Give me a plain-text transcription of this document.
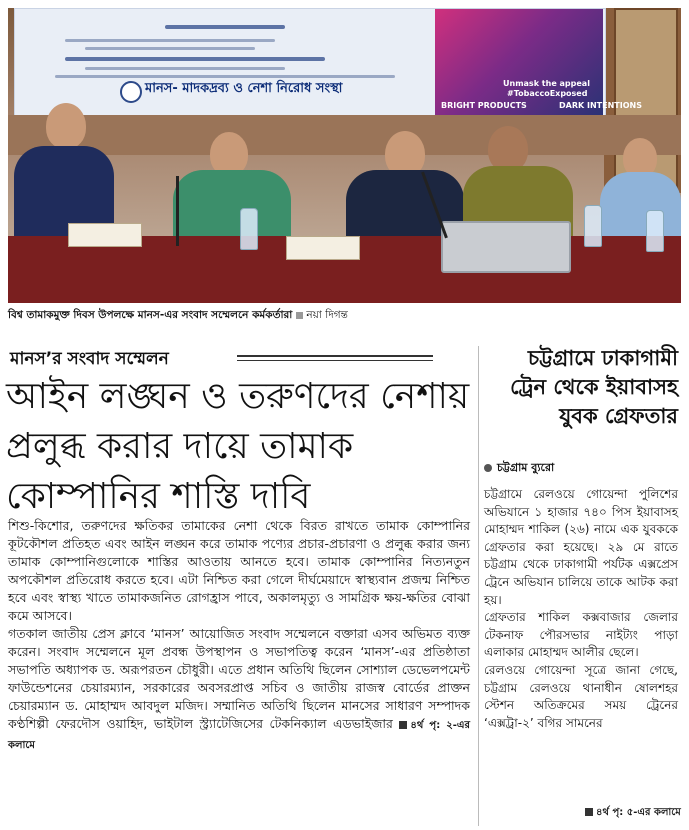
মানস- মাদকদ্রব্য ও নেশা নিরোধ সংস্থা	Unmask the appeal
#TobaccoExposed
BRIGHT PRODUCTS	DARK INTENTIONS
বিশ্ব তামাকমুক্ত দিবস উপলক্ষে মানস-এর সংবাদ সম্মেলনে কর্মকর্তারা নয়া দিগন্ত
মানস’র সংবাদ সম্মেলন
আইন লঙ্ঘন ও তরুণদের নেশায়
প্রলুব্ধ করার দায়ে তামাক
কোম্পানির শাস্তি দাবি

শিশু-কিশোর, তরুণদের ক্ষতিকর তামাকের নেশা থেকে বিরত রাখতে তামাক কোম্পানির কূটকৌশল প্রতিহত এবং আইন লঙ্ঘন করে তামাক পণ্যের প্রচার-প্রচারণা ও প্রলুব্ধ করার জন্য তামাক কোম্পানিগুলোকে শাস্তির আওতায় আনতে হবে। তামাক কোম্পানির নিত্যনতুন অপকৌশল প্রতিরোধ করতে হবে। এটা নিশ্চিত করা গেলে দীর্ঘমেয়াদে স্বাস্থ্যবান প্রজন্ম নিশ্চিত হবে এবং স্বাস্থ্য খাতে তামাকজনিত রোগহ্রাস পাবে, অকালমৃত্যু ও সামগ্রিক ক্ষয়-ক্ষতির বোঝা কমে আসবে।

গতকাল জাতীয় প্রেস ক্লাবে ‘মানস’ আয়োজিত সংবাদ সম্মেলনে বক্তারা এসব অভিমত ব্যক্ত করেন। সংবাদ সম্মেলনে মূল প্রবন্ধ উপস্থাপন ও সভাপতিত্ব করেন ‘মানস’-এর প্রতিষ্ঠাতা সভাপতি অধ্যাপক ড. অরূপরতন চৌধুরী। এতে প্রধান অতিথি ছিলেন সোশ্যাল ডেভেলপমেন্ট ফাউন্ডেশনের চেয়ারম্যান, সরকারের অবসরপ্রাপ্ত সচিব ও জাতীয় রাজস্ব বোর্ডের প্রাক্তন চেয়ারম্যান ড. মোহাম্মদ আবদুল মজিদ। সম্মানিত অতিথি ছিলেন মানসের সাধারণ সম্পাদক কণ্ঠশিল্পী ফেরদৌস ওয়াহিদ, ভাইটাল স্ট্র্যাটেজিসের টেকনিক্যাল এডভাইজার ৪র্থ পৃ: ২-এর কলামে

চট্টগ্রামে ঢাকাগামী
ট্রেন থেকে ইয়াবাসহ
যুবক গ্রেফতার
চট্টগ্রাম ব্যুরো

চট্টগ্রামে রেলওয়ে গোয়েন্দা পুলিশের অভিযানে ১ হাজার ৭৪০ পিস ইয়াবাসহ মোহাম্মদ শাকিল (২৬) নামে এক যুবককে গ্রেফতার করা হয়েছে। ২৯ মে রাতে চট্টগ্রাম থেকে ঢাকাগামী পর্যটক এক্সপ্রেস ট্রেনে অভিযান চালিয়ে তাকে আটক করা হয়।

গ্রেফতার শাকিল কক্সবাজার জেলার টেকনাফ পৌরসভার নাইট্যং পাড়া এলাকার মোহাম্মদ আলীর ছেলে।

রেলওয়ে গোয়েন্দা সূত্রে জানা গেছে, চট্টগ্রাম রেলওয়ে থানাধীন ষোলশহর স্টেশন অতিক্রমের সময় ট্রেনের ‘এক্সট্রা-২’ বগির সামনের

৪র্থ পৃ: ৫-এর কলামে
